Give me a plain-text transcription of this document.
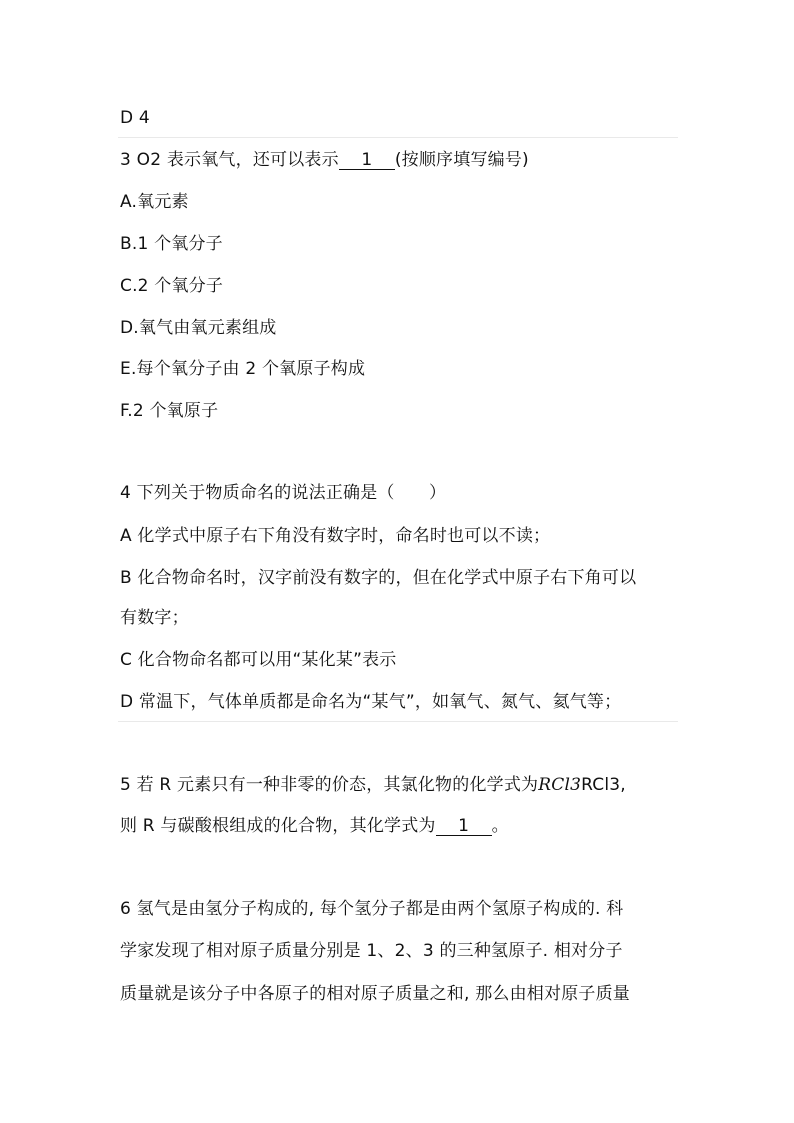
D 4
3 O2 表示氧气，还可以表示 1 (按顺序填写编号)
A.氧元素
B.1 个氧分子
C.2 个氧分子
D.氧气由氧元素组成
E.每个氧分子由 2 个氧原子构成
F.2 个氧原子
4 下列关于物质命名的说法正确是（　　）
A 化学式中原子右下角没有数字时，命名时也可以不读；
B 化合物命名时，汉字前没有数字的，但在化学式中原子右下角可以
有数字；
C 化合物命名都可以用“某化某”表示
D 常温下，气体单质都是命名为“某气”，如氧气、氮气、氦气等；
5 若 R 元素只有一种非零的价态，其氯化物的化学式为RCl3RCl3,
则 R 与碳酸根组成的化合物，其化学式为 1 。
6 氢气是由氢分子构成的, 每个氢分子都是由两个氢原子构成的. 科
学家发现了相对原子质量分别是 1、2、3 的三种氢原子. 相对分子
质量就是该分子中各原子的相对原子质量之和, 那么由相对原子质量
